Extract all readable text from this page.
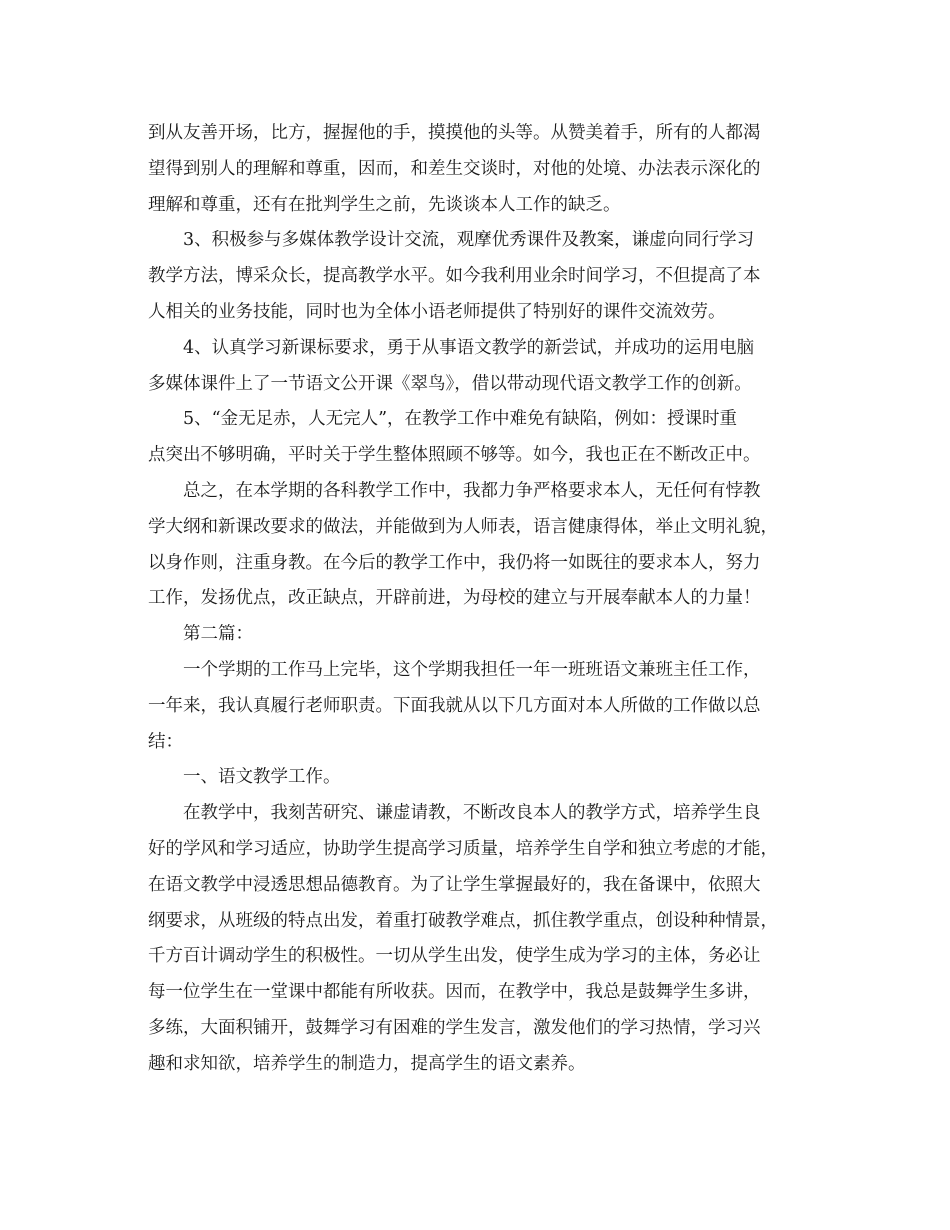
到从友善开场，比方，握握他的手，摸摸他的头等。从赞美着手，所有的人都渴
望得到别人的理解和尊重，因而，和差生交谈时，对他的处境、办法表示深化的
理解和尊重，还有在批判学生之前，先谈谈本人工作的缺乏。
3、积极参与多媒体教学设计交流，观摩优秀课件及教案，谦虚向同行学习
教学方法，博采众长，提高教学水平。如今我利用业余时间学习，不但提高了本
人相关的业务技能，同时也为全体小语老师提供了特别好的课件交流效劳。
4、认真学习新课标要求，勇于从事语文教学的新尝试，并成功的运用电脑
多媒体课件上了一节语文公开课《翠鸟》，借以带动现代语文教学工作的创新。
5、“金无足赤，人无完人”，在教学工作中难免有缺陷，例如：授课时重
点突出不够明确，平时关于学生整体照顾不够等。如今，我也正在不断改正中。
总之，在本学期的各科教学工作中，我都力争严格要求本人，无任何有悖教
学大纲和新课改要求的做法，并能做到为人师表，语言健康得体，举止文明礼貌，
以身作则，注重身教。在今后的教学工作中，我仍将一如既往的要求本人，努力
工作，发扬优点，改正缺点，开辟前进，为母校的建立与开展奉献本人的力量！
第二篇：
一个学期的工作马上完毕，这个学期我担任一年一班班语文兼班主任工作，
一年来，我认真履行老师职责。下面我就从以下几方面对本人所做的工作做以总
结：
一、语文教学工作。
在教学中，我刻苦研究、谦虚请教，不断改良本人的教学方式，培养学生良
好的学风和学习适应，协助学生提高学习质量，培养学生自学和独立考虑的才能，
在语文教学中浸透思想品德教育。为了让学生掌握最好的，我在备课中，依照大
纲要求，从班级的特点出发，着重打破教学难点，抓住教学重点，创设种种情景，
千方百计调动学生的积极性。一切从学生出发，使学生成为学习的主体，务必让
每一位学生在一堂课中都能有所收获。因而，在教学中，我总是鼓舞学生多讲，
多练，大面积铺开，鼓舞学习有困难的学生发言，激发他们的学习热情，学习兴
趣和求知欲，培养学生的制造力，提高学生的语文素养。
